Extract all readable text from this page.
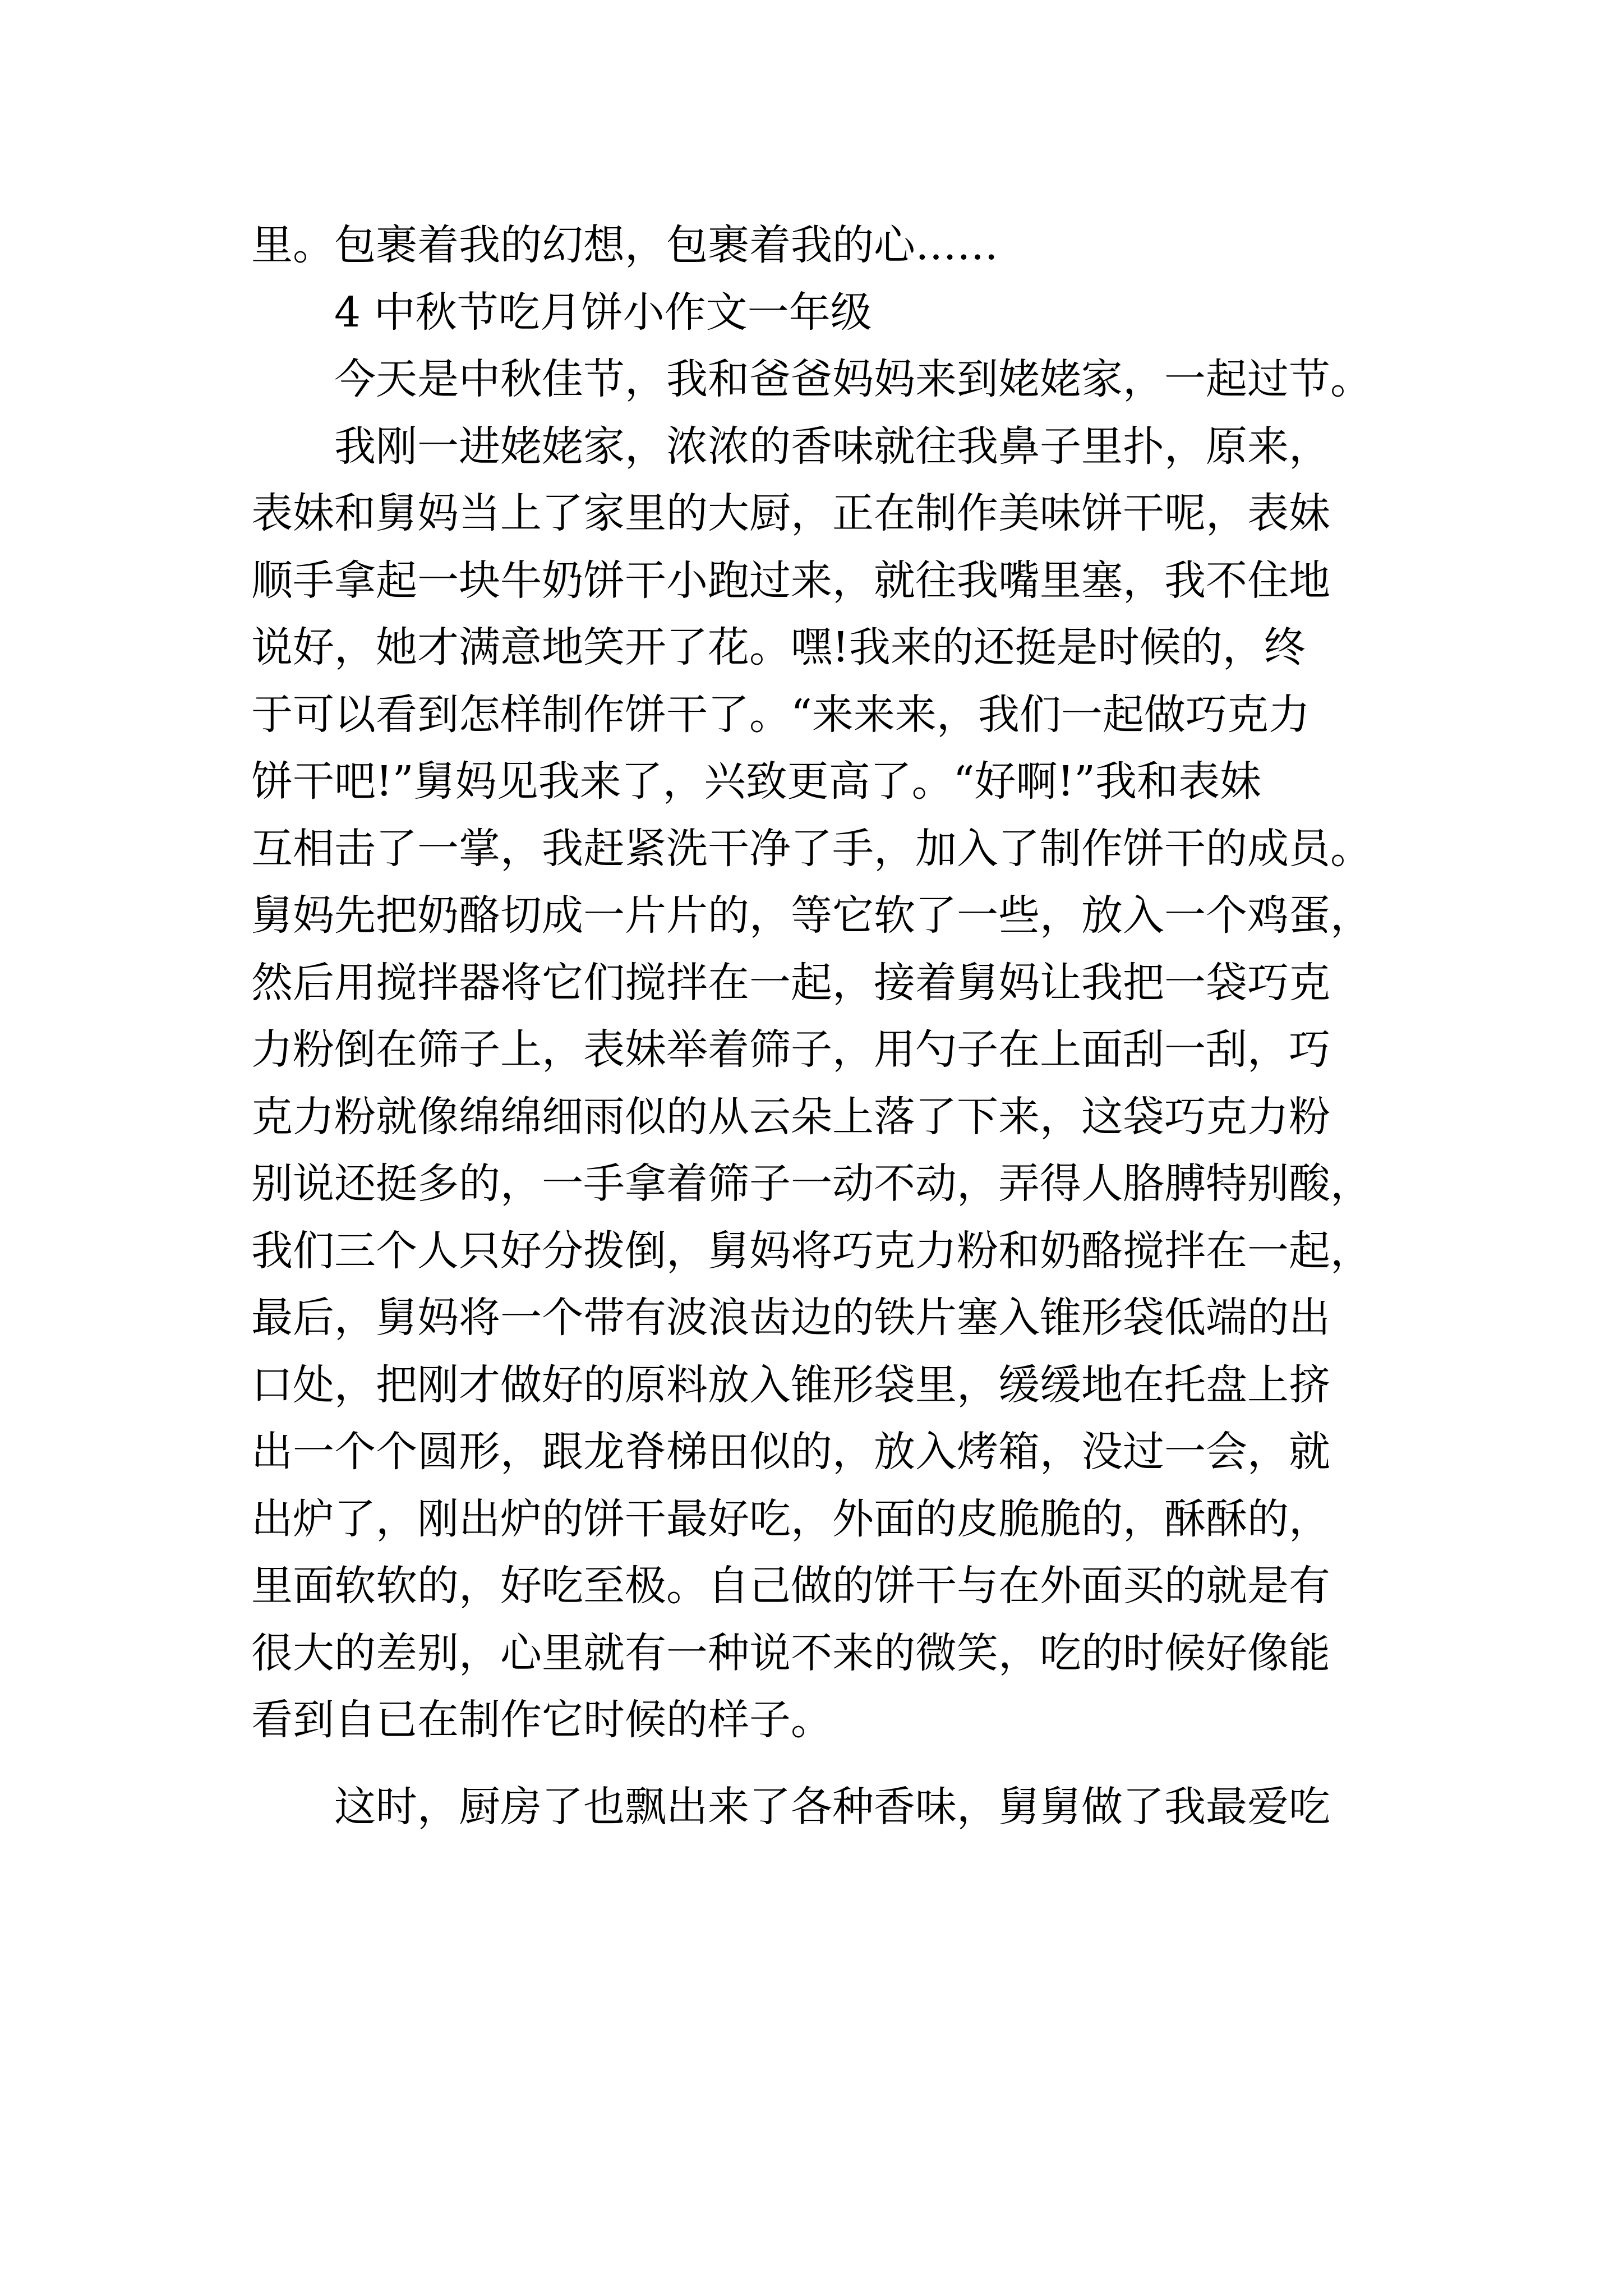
里。包裹着我的幻想，包裹着我的心……

4 中秋节吃月饼小作文一年级

今天是中秋佳节，我和爸爸妈妈来到姥姥家，一起过节。

我刚一进姥姥家，浓浓的香味就往我鼻子里扑，原来，

表妹和舅妈当上了家里的大厨，正在制作美味饼干呢，表妹

顺手拿起一块牛奶饼干小跑过来，就往我嘴里塞，我不住地

说好，她才满意地笑开了花。嘿!我来的还挺是时候的，终

于可以看到怎样制作饼干了。“来来来，我们一起做巧克力

饼干吧!”舅妈见我来了，兴致更高了。“好啊!”我和表妹

互相击了一掌，我赶紧洗干净了手，加入了制作饼干的成员。

舅妈先把奶酪切成一片片的，等它软了一些，放入一个鸡蛋，

然后用搅拌器将它们搅拌在一起，接着舅妈让我把一袋巧克

力粉倒在筛子上，表妹举着筛子，用勺子在上面刮一刮，巧

克力粉就像绵绵细雨似的从云朵上落了下来，这袋巧克力粉

别说还挺多的，一手拿着筛子一动不动，弄得人胳膊特别酸，

我们三个人只好分拨倒，舅妈将巧克力粉和奶酪搅拌在一起，

最后，舅妈将一个带有波浪齿边的铁片塞入锥形袋低端的出

口处，把刚才做好的原料放入锥形袋里，缓缓地在托盘上挤

出一个个圆形，跟龙脊梯田似的，放入烤箱，没过一会，就

出炉了，刚出炉的饼干最好吃，外面的皮脆脆的，酥酥的，

里面软软的，好吃至极。自己做的饼干与在外面买的就是有

很大的差别，心里就有一种说不来的微笑，吃的时候好像能

看到自已在制作它时候的样子。

这时，厨房了也飘出来了各种香味，舅舅做了我最爱吃
